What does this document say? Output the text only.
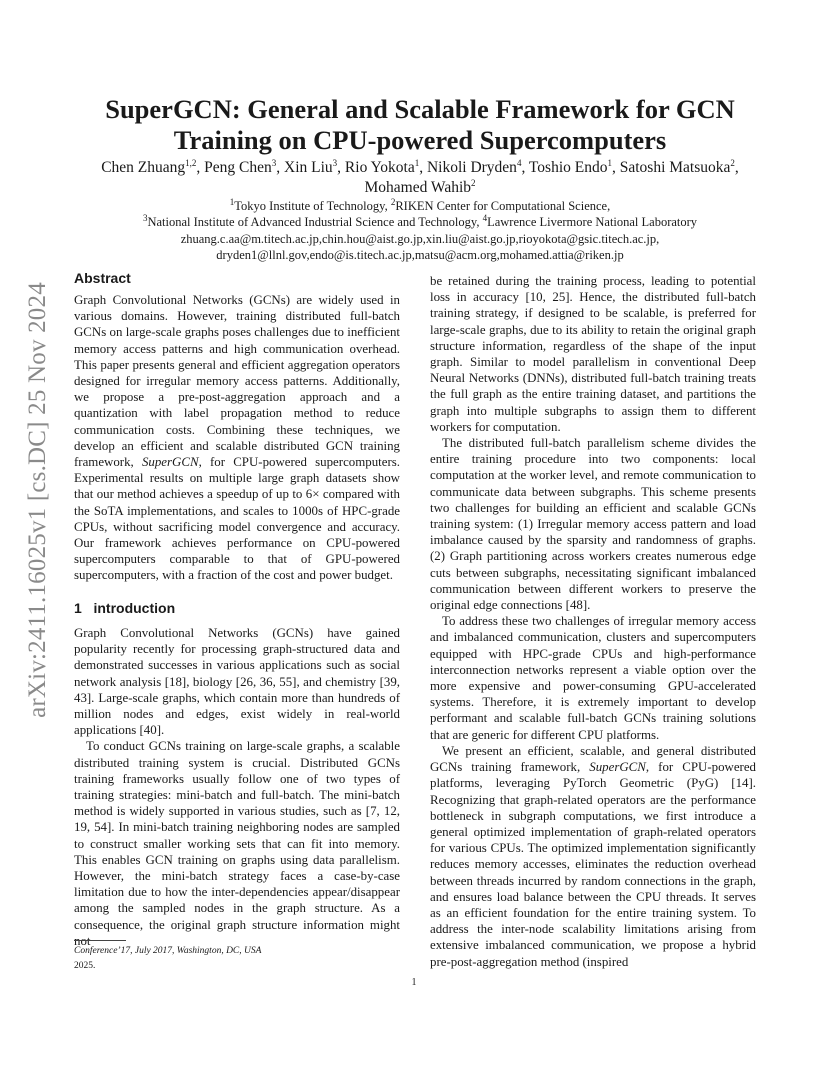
arXiv:2411.16025v1 [cs.DC] 25 Nov 2024
SuperGCN: General and Scalable Framework for GCN
Training on CPU-powered Supercomputers
Chen Zhuang$^{1,2}$, Peng Chen$^3$, Xin Liu$^3$, Rio Yokota$^1$, Nikoli Dryden$^4$, Toshio Endo$^1$, Satoshi Matsuoka$^2$, Mohamed Wahib$^2$
$^1$Tokyo Institute of Technology, $^2$RIKEN Center for Computational Science,
$^3$National Institute of Advanced Industrial Science and Technology, $^4$Lawrence Livermore National Laboratory
zhuang.c.aa@m.titech.ac.jp,chin.hou@aist.go.jp,xin.liu@aist.go.jp,rioyokota@gsic.titech.ac.jp,
dryden1@llnl.gov,endo@is.titech.ac.jp,matsu@acm.org,mohamed.attia@riken.jp
Abstract

Graph Convolutional Networks (GCNs) are widely used in various domains. However, training distributed full-batch GCNs on large-scale graphs poses challenges due to inefficient memory access patterns and high communication overhead. This paper presents general and efficient aggregation operators designed for irregular memory access patterns. Additionally, we propose a pre-post-aggregation approach and a quantization with label propagation method to reduce communication costs. Combining these techniques, we develop an efficient and scalable distributed GCN training framework, SuperGCN, for CPU-powered supercomputers. Experimental results on multiple large graph datasets show that our method achieves a speedup of up to 6× compared with the SoTA implementations, and scales to 1000s of HPC-grade CPUs, without sacrificing model convergence and accuracy. Our framework achieves performance on CPU-powered supercomputers comparable to that of GPU-powered supercomputers, with a fraction of the cost and power budget.

1 introduction

Graph Convolutional Networks (GCNs) have gained popularity recently for processing graph-structured data and demonstrated successes in various applications such as social network analysis [18], biology [26, 36, 55], and chemistry [39, 43]. Large-scale graphs, which contain more than hundreds of million nodes and edges, exist widely in real-world applications [40].

To conduct GCNs training on large-scale graphs, a scalable distributed training system is crucial. Distributed GCNs training frameworks usually follow one of two types of training strategies: mini-batch and full-batch. The mini-batch method is widely supported in various studies, such as [7, 12, 19, 54]. In mini-batch training neighboring nodes are sampled to construct smaller working sets that can fit into memory. This enables GCN training on graphs using data parallelism. However, the mini-batch strategy faces a case-by-case limitation due to how the inter-dependencies appear/disappear among the sampled nodes in the graph structure. As a consequence, the original graph structure information might not

be retained during the training process, leading to potential loss in accuracy [10, 25]. Hence, the distributed full-batch training strategy, if designed to be scalable, is preferred for large-scale graphs, due to its ability to retain the original graph structure information, regardless of the shape of the input graph. Similar to model parallelism in conventional Deep Neural Networks (DNNs), distributed full-batch training treats the full graph as the entire training dataset, and partitions the graph into multiple subgraphs to assign them to different workers for computation.

The distributed full-batch parallelism scheme divides the entire training procedure into two components: local computation at the worker level, and remote communication to communicate data between subgraphs. This scheme presents two challenges for building an efficient and scalable GCNs training system: (1) Irregular memory access pattern and load imbalance caused by the sparsity and randomness of graphs. (2) Graph partitioning across workers creates numerous edge cuts between subgraphs, necessitating significant imbalanced communication between different workers to preserve the original edge connections [48].

To address these two challenges of irregular memory access and imbalanced communication, clusters and supercomputers equipped with HPC-grade CPUs and high-performance interconnection networks represent a viable option over the more expensive and power-consuming GPU-accelerated systems. Therefore, it is extremely important to develop performant and scalable full-batch GCNs training solutions that are generic for different CPU platforms.

We present an efficient, scalable, and general distributed GCNs training framework, SuperGCN, for CPU-powered platforms, leveraging PyTorch Geometric (PyG) [14]. Recognizing that graph-related operators are the performance bottleneck in subgraph computations, we first introduce a general optimized implementation of graph-related operators for various CPUs. The optimized implementation significantly reduces memory accesses, eliminates the reduction overhead between threads incurred by random connections in the graph, and ensures load balance between the CPU threads. It serves as an efficient foundation for the entire training system. To address the inter-node scalability limitations arising from extensive imbalanced communication, we propose a hybrid pre-post-aggregation method (inspired

Conference’17, July 2017, Washington, DC, USA
2025.
1
